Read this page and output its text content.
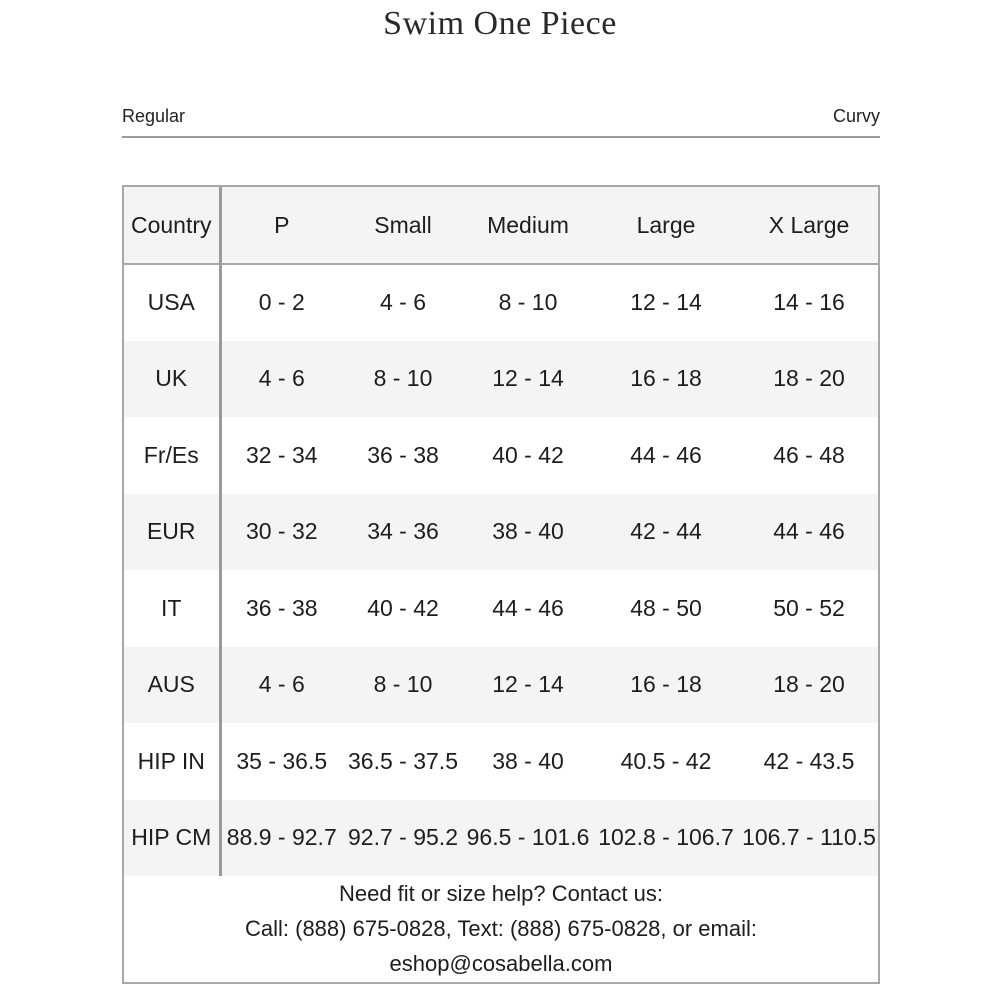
Swim One Piece
Regular	Curvy
Country	P	Small	Medium	Large	X Large
USA	0 - 2	4 - 6	8 - 10	12 - 14	14 - 16
UK	4 - 6	8 - 10	12 - 14	16 - 18	18 - 20
Fr/Es	32 - 34	36 - 38	40 - 42	44 - 46	46 - 48
EUR	30 - 32	34 - 36	38 - 40	42 - 44	44 - 46
IT	36 - 38	40 - 42	44 - 46	48 - 50	50 - 52
AUS	4 - 6	8 - 10	12 - 14	16 - 18	18 - 20
HIP IN	35 - 36.5	36.5 - 37.5	38 - 40	40.5 - 42	42 - 43.5
HIP CM	88.9 - 92.7	92.7 - 95.2	96.5 - 101.6	102.8 - 106.7	106.7 - 110.5
Need fit or size help? Contact us:
Call: (888) 675-0828, Text: (888) 675-0828, or email:
eshop@cosabella.com
